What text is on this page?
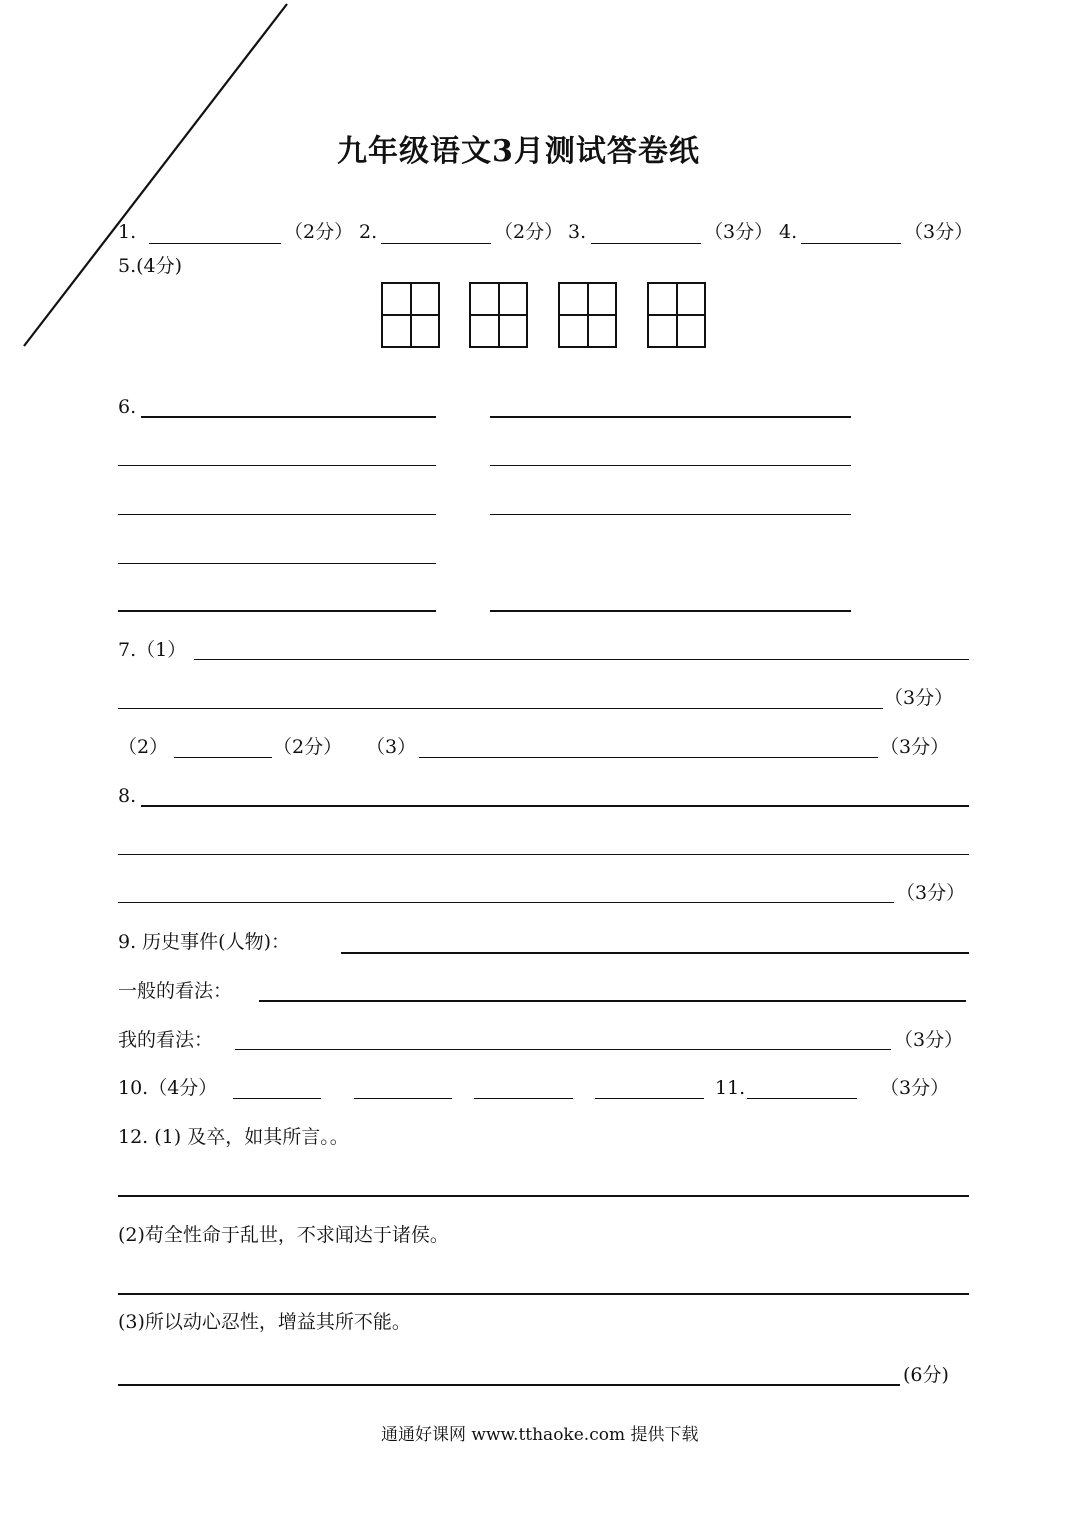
九年级语文3月测试答卷纸
1.	（2分） 2.	（2分） 3.	（3分） 4.	（3分）
5.(4分)
6.
7.（1）
（3分）
（2）	（2分） （3）	（3分）
8.
（3分）
9. 历史事件(人物)：
一般的看法：
我的看法：	（3分）
10.（4分）	11.	（3分）
12. (1) 及卒，如其所言。。
(2)苟全性命于乱世，不求闻达于诸侯。
(3)所以动心忍性，增益其所不能。
(6分)
通通好课网 www.tthaoke.com 提供下载
